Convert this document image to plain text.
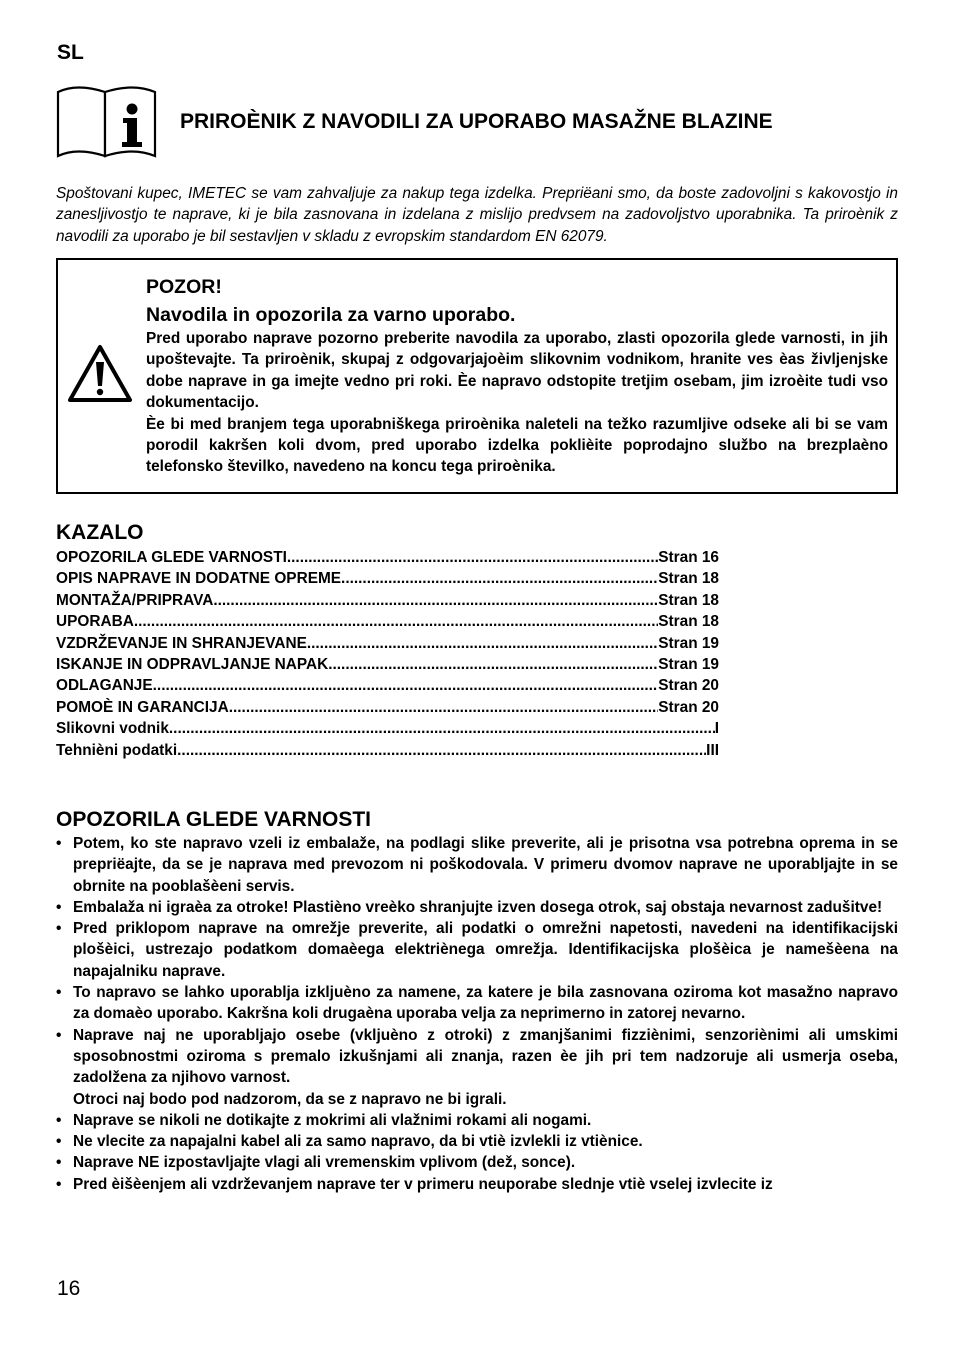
SL
PRIROÈNIK Z NAVODILI ZA UPORABO MASAŽNE BLAZINE
Spoštovani kupec, IMETEC se vam zahvaljuje za nakup tega izdelka. Prepriëani smo, da boste zadovoljni s kakovostjo in zanesljivostjo te naprave, ki je bila zasnovana in izdelana z mislijo predvsem na zadovoljstvo uporabnika. Ta priroènik z navodili za uporabo je bil sestavljen v skladu z evropskim standardom EN 62079.
POZOR!
Navodila in opozorila za varno uporabo.

Pred uporabo naprave pozorno preberite navodila za uporabo, zlasti opozorila glede varnosti, in jih upoštevajte. Ta priroènik, skupaj z odgovarjajoèim slikovnim vodnikom, hranite ves èas življenjske dobe naprave in ga imejte vedno pri roki. Èe napravo odstopite tretjim osebam, jim izroèite tudi vso dokumentacijo.

Èe bi med branjem tega uporabniškega priroènika naleteli na težko razumljive odseke ali bi se vam porodil kakršen koli dvom, pred uporabo izdelka poklièite poprodajno službo na brezplaèno telefonsko številko, navedeno na koncu tega priroènika.

KAZALO
OPOZORILA GLEDE VARNOSTI .....	Stran 16
OPIS NAPRAVE IN DODATNE OPREME .....	Stran 18
MONTAŽA/PRIPRAVA .....	Stran 18
UPORABA .....	Stran 18
VZDRŽEVANJE IN SHRANJEVANE .....	Stran 19
ISKANJE IN ODPRAVLJANJE NAPAK .....	Stran 19
ODLAGANJE .....	Stran 20
POMOÈ IN GARANCIJA .....	Stran 20
Slikovni vodnik .....	I
Tehnièni podatki .....	III
OPOZORILA GLEDE VARNOSTI
• Potem, ko ste napravo vzeli iz embalaže, na podlagi slike preverite, ali je prisotna vsa potrebna oprema in se prepriëajte, da se je naprava med prevozom ni poškodovala. V primeru dvomov naprave ne uporabljajte in se obrnite na pooblašèeni servis.
• Embalaža ni igraèa za otroke! Plastièno vreèko shranjujte izven dosega otrok, saj obstaja nevarnost zadušitve!
• Pred priklopom naprave na omrežje preverite, ali podatki o omrežni napetosti, navedeni na identifikacijski plošèici, ustrezajo podatkom domaèega elektriènega omrežja. Identifikacijska plošèica je namešèena na napajalniku naprave.
• To napravo se lahko uporablja izkljuèno za namene, za katere je bila zasnovana oziroma kot masažno napravo za domaèo uporabo. Kakršna koli drugaèna uporaba velja za neprimerno in zatorej nevarno.
• Naprave naj ne uporabljajo osebe (vkljuèno z otroki) z zmanjšanimi fizziènimi, senzoriènimi ali umskimi sposobnostmi oziroma s premalo izkušnjami ali znanja, razen èe jih pri tem nadzoruje ali usmerja oseba, zadolžena za njihovo varnost.
Otroci naj bodo pod nadzorom, da se z napravo ne bi igrali.
• Naprave se nikoli ne dotikajte z mokrimi ali vlažnimi rokami ali nogami.
• Ne vlecite za napajalni kabel ali za samo napravo, da bi vtiè izvlekli iz vtiènice.
• Naprave NE izpostavljajte vlagi ali vremenskim vplivom (dež, sonce).
• Pred èišèenjem ali vzdrževanjem naprave ter v primeru neuporabe slednje vtiè vselej izvlecite iz
16
